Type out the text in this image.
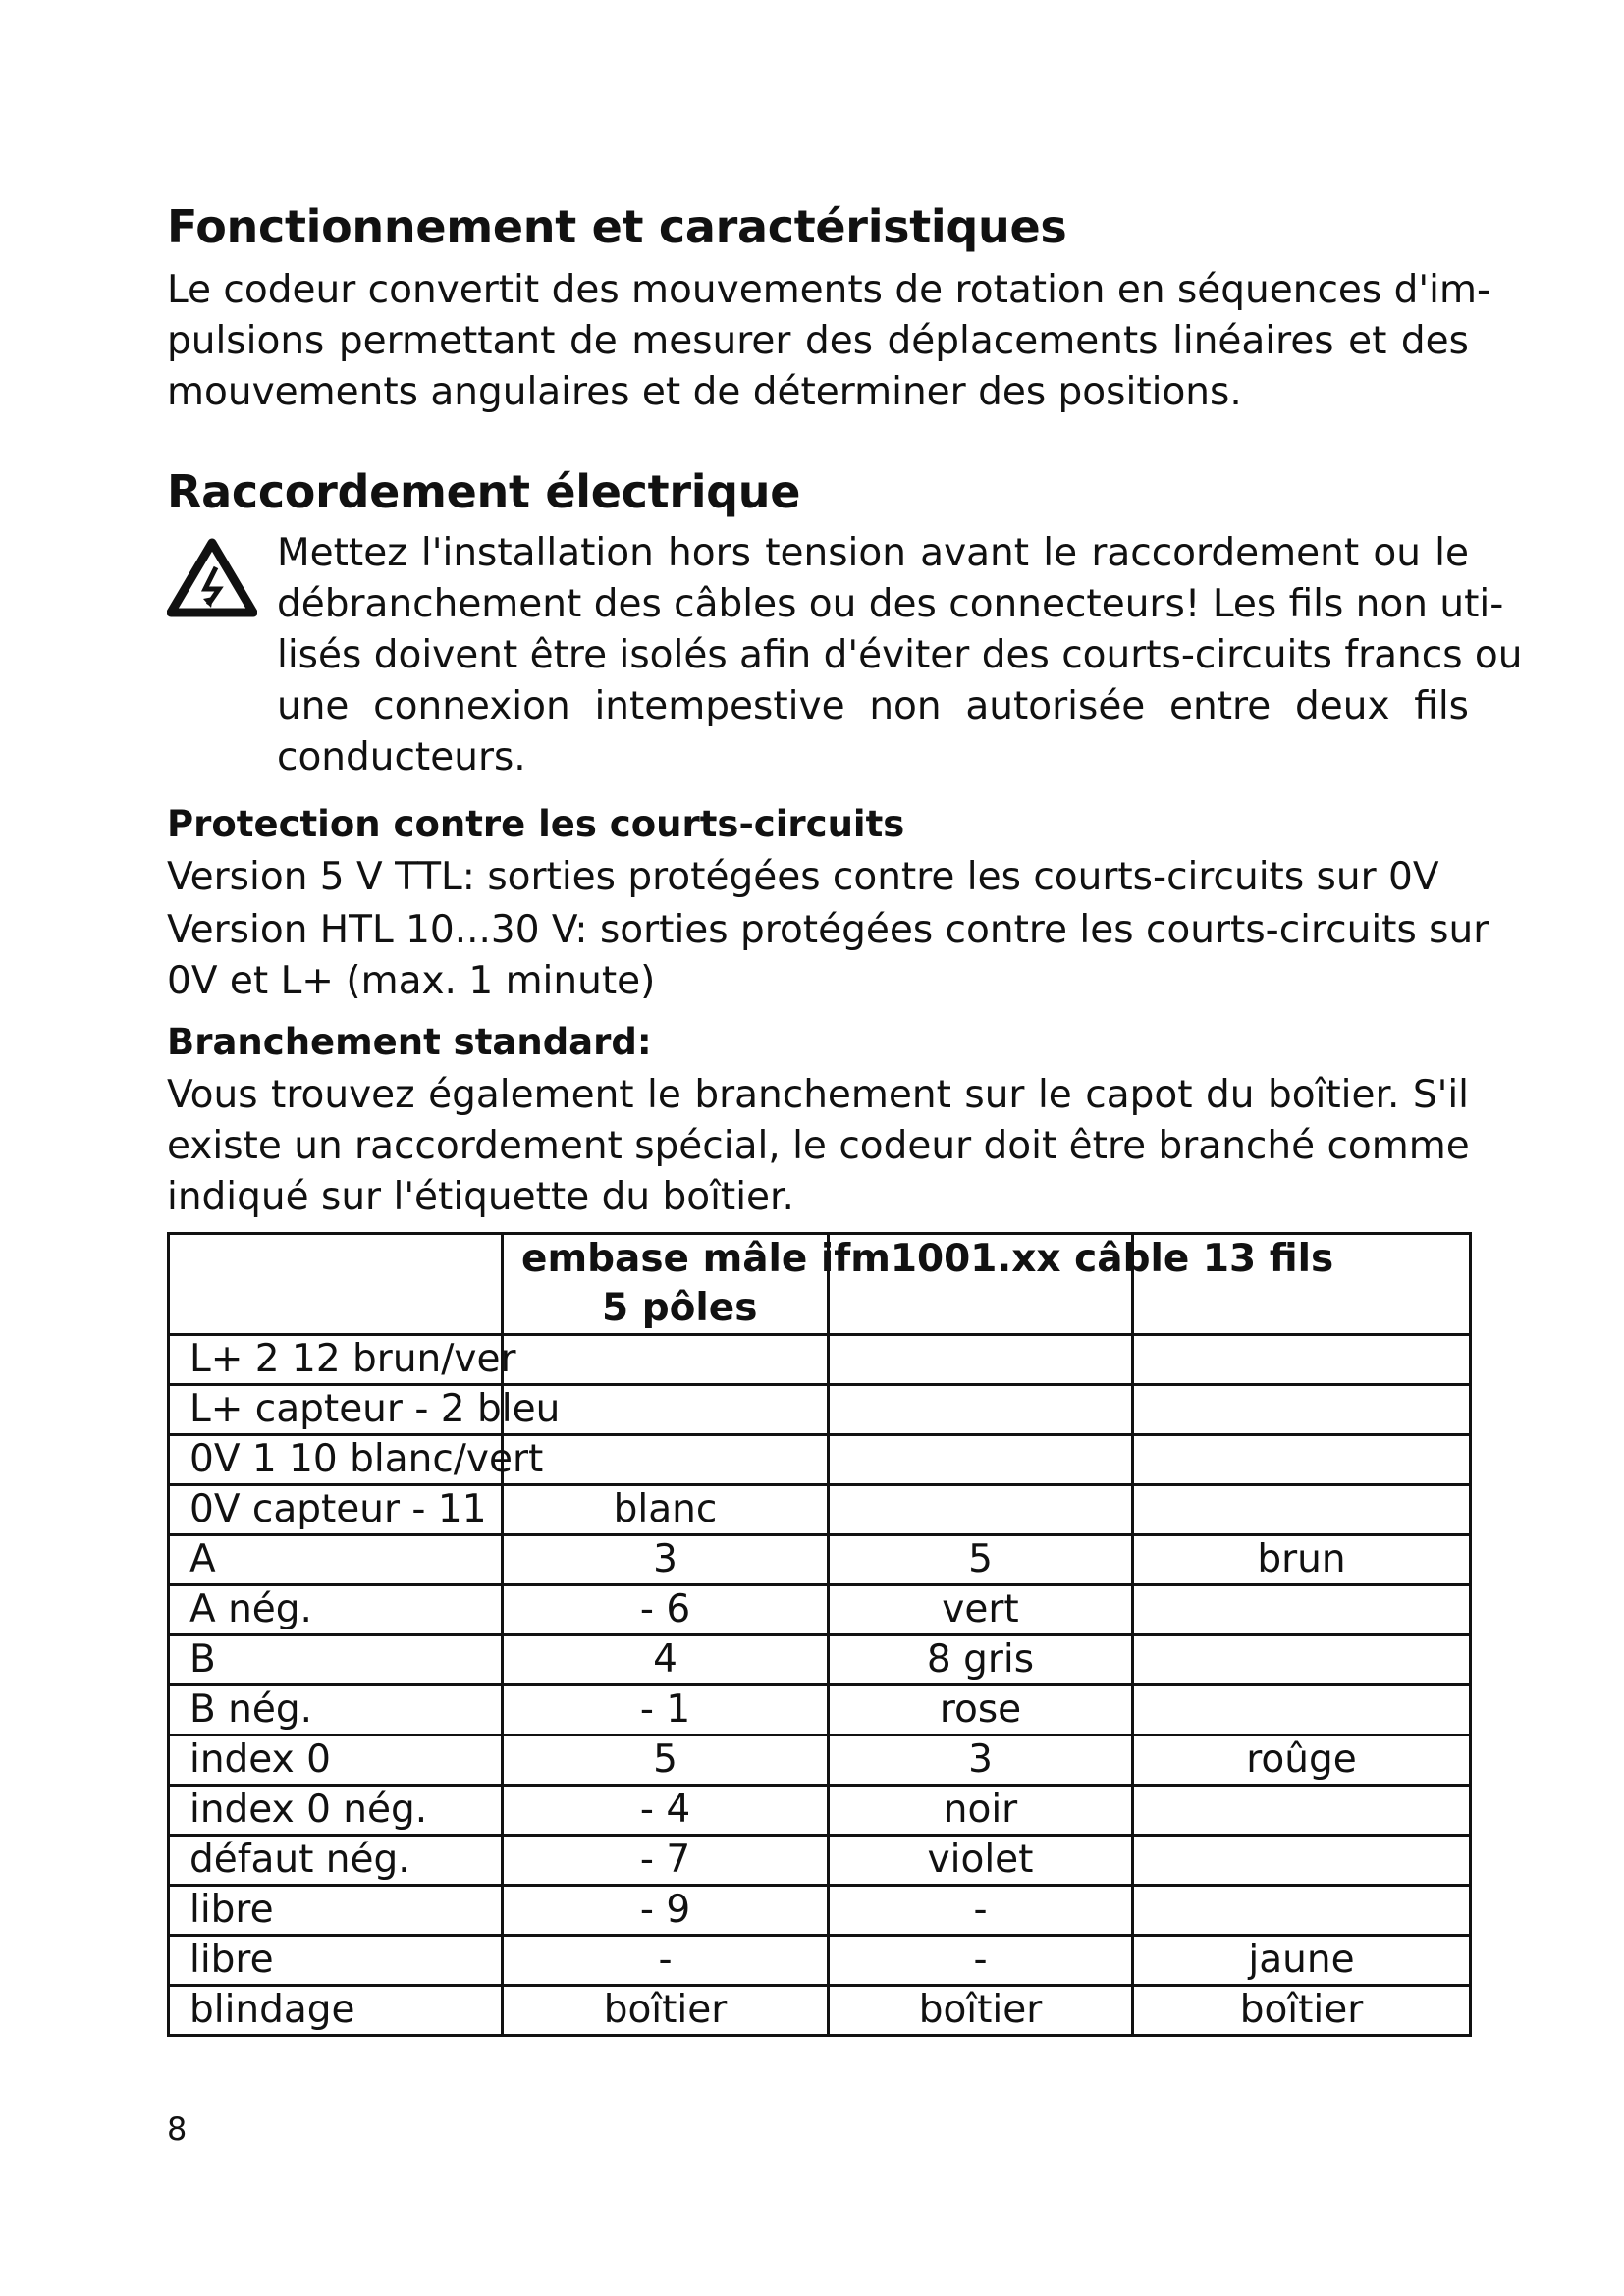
Fonctionnement et caractéristiques

Le codeur convertit des mouvements de rotation en séquences d'im-
pulsions permettant de mesurer des déplacements linéaires et des
mouvements angulaires et de déterminer des positions.

Raccordement électrique

Mettez l'installation hors tension avant le raccordement ou le
débranchement des câbles ou des connecteurs! Les fils non uti-
lisés doivent être isolés afin d'éviter des courts-circuits francs ou
une connexion intempestive non autorisée entre deux fils
conducteurs.

Protection contre les courts-circuits

Version 5 V TTL: sorties protégées contre les courts-circuits sur 0V

Version HTL 10...30 V: sorties protégées contre les courts-circuits sur
0V et L+ (max. 1 minute)

Branchement standard:

Vous trouvez également le branchement sur le capot du boîtier. S'il
existe un raccordement spécial, le codeur doit être branché comme
indiqué sur l'étiquette du boîtier.

	embase mâle ifm1001.xx câble 13 fils
5 pôles		
L+ 2 12 brun/ver			
L+ capteur - 2 bleu			
0V 1 10 blanc/vert			
0V capteur - 11	blanc		
A	3	5	brun
A nég.	- 6	vert	
B	4	8 gris	
B nég.	- 1	rose	
index 0	5	3	roûge
index 0 nég.	- 4	noir	
défaut nég.	- 7	violet	
libre	- 9	-	
libre	-	-	jaune
blindage	boîtier	boîtier	boîtier
8
